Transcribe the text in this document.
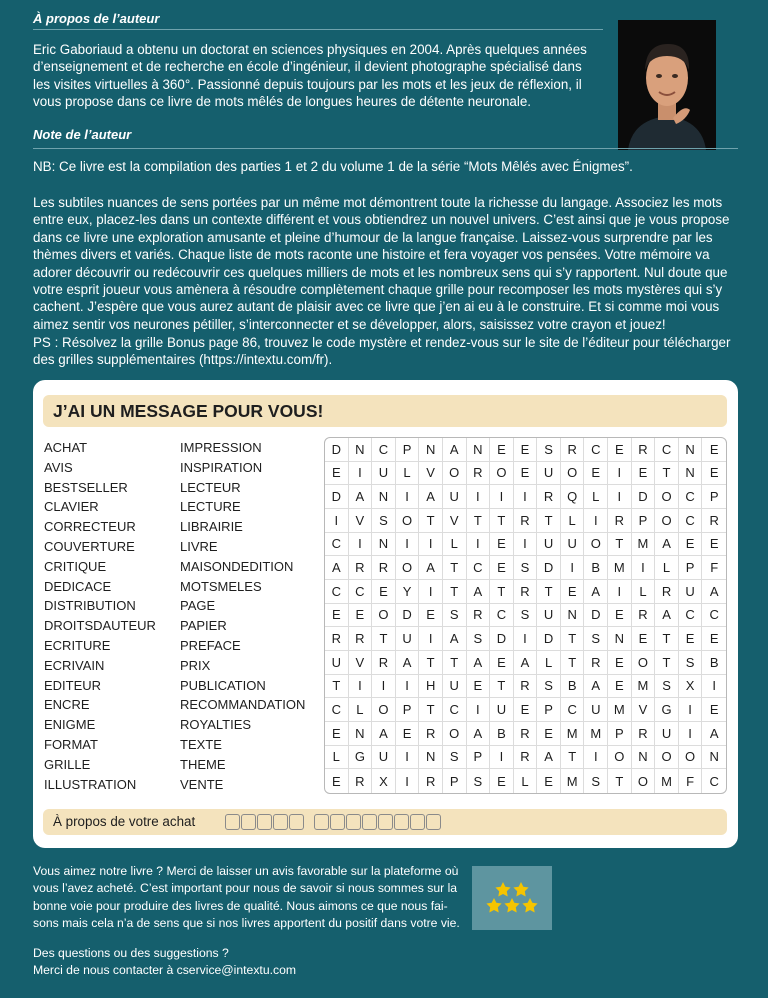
À propos de l’auteur
Eric Gaboriaud a obtenu un doctorat en sciences physiques en 2004. Après quelques années
d’enseignement et de recherche en école d’ingénieur, il devient photographe spécialisé dans
les visites virtuelles à 360°. Passionné depuis toujours par les mots et les jeux de réflexion, il
vous propose dans ce livre de mots mêlés de longues heures de détente neuronale.
Note de l’auteur
NB: Ce livre est la compilation des parties 1 et 2 du volume 1 de la série “Mots Mêlés avec Énigmes”.
Les subtiles nuances de sens portées par un même mot démontrent toute la richesse du langage. Associez les mots
entre eux, placez-les dans un contexte différent et vous obtiendrez un nouvel univers. C’est ainsi que je vous propose
dans ce livre une exploration amusante et pleine d’humour de la langue française. Laissez-vous surprendre par les
thèmes divers et variés. Chaque liste de mots raconte une histoire et fera voyager vos pensées. Votre mémoire va
adorer découvrir ou redécouvrir ces quelques milliers de mots et les nombreux sens qui s’y rapportent. Nul doute que
votre esprit joueur vous amènera à résoudre complètement chaque grille pour recomposer les mots mystères qui s’y
cachent. J’espère que vous aurez autant de plaisir avec ce livre que j’en ai eu à le construire. Et si comme moi vous
aimez sentir vos neurones pétiller, s’interconnecter et se développer, alors, saisissez votre crayon et jouez!
PS : Résolvez la grille Bonus page 86, trouvez le code mystère et rendez-vous sur le site de l’éditeur pour télécharger
des grilles supplémentaires (https://intextu.com/fr).
J’AI UN MESSAGE POUR VOUS!
ACHAT
AVIS
BESTSELLER
CLAVIER
CORRECTEUR
COUVERTURE
CRITIQUE
DEDICACE
DISTRIBUTION
DROITSDAUTEUR
ECRITURE
ECRIVAIN
EDITEUR
ENCRE
ENIGME
FORMAT
GRILLE
ILLUSTRATION
IMPRESSION
INSPIRATION
LECTEUR
LECTURE
LIBRAIRIE
LIVRE
MAISONDEDITION
MOTSMELES
PAGE
PAPIER
PREFACE
PRIX
PUBLICATION
RECOMMANDATION
ROYALTIES
TEXTE
THEME
VENTE
D	N	C	P	N	A	N	E	E	S	R	C	E	R	C	N	E
E	I	U	L	V	O	R	O	E	U	O	E	I	E	T	N	E
D	A	N	I	A	U	I	I	I	R	Q	L	I	D	O	C	P
I	V	S	O	T	V	T	T	R	T	L	I	R	P	O	C	R
C	I	N	I	I	L	I	E	I	U	U	O	T	M	A	E	E
A	R	R	O	A	T	C	E	S	D	I	B	M	I	L	P	F
C	C	E	Y	I	T	A	T	R	T	E	A	I	L	R	U	A
E	E	O	D	E	S	R	C	S	U	N	D	E	R	A	C	C
R	R	T	U	I	A	S	D	I	D	T	S	N	E	T	E	E
U	V	R	A	T	T	A	E	A	L	T	R	E	O	T	S	B
T	I	I	I	H	U	E	T	R	S	B	A	E	M	S	X	I
C	L	O	P	T	C	I	U	E	P	C	U	M	V	G	I	E
E	N	A	E	R	O	A	B	R	E	M M	P	R	U	I	A
L	G	U	I	N	S	P	I	R	A	T	I	O	N	O	O	N
E	R	X	I	R	P	S	E	L	E	M	S	T	O	M	F	C
À propos de votre achat
Vous aimez notre livre ? Merci de laisser un avis favorable sur la plateforme où
vous l’avez acheté. C’est important pour nous de savoir si nous sommes sur la
bonne voie pour produire des livres de qualité. Nous aimons ce que nous fai-
sons mais cela n’a de sens que si nos livres apportent du positif dans votre vie.
Des questions ou des suggestions ?
Merci de nous contacter à cservice@intextu.com
